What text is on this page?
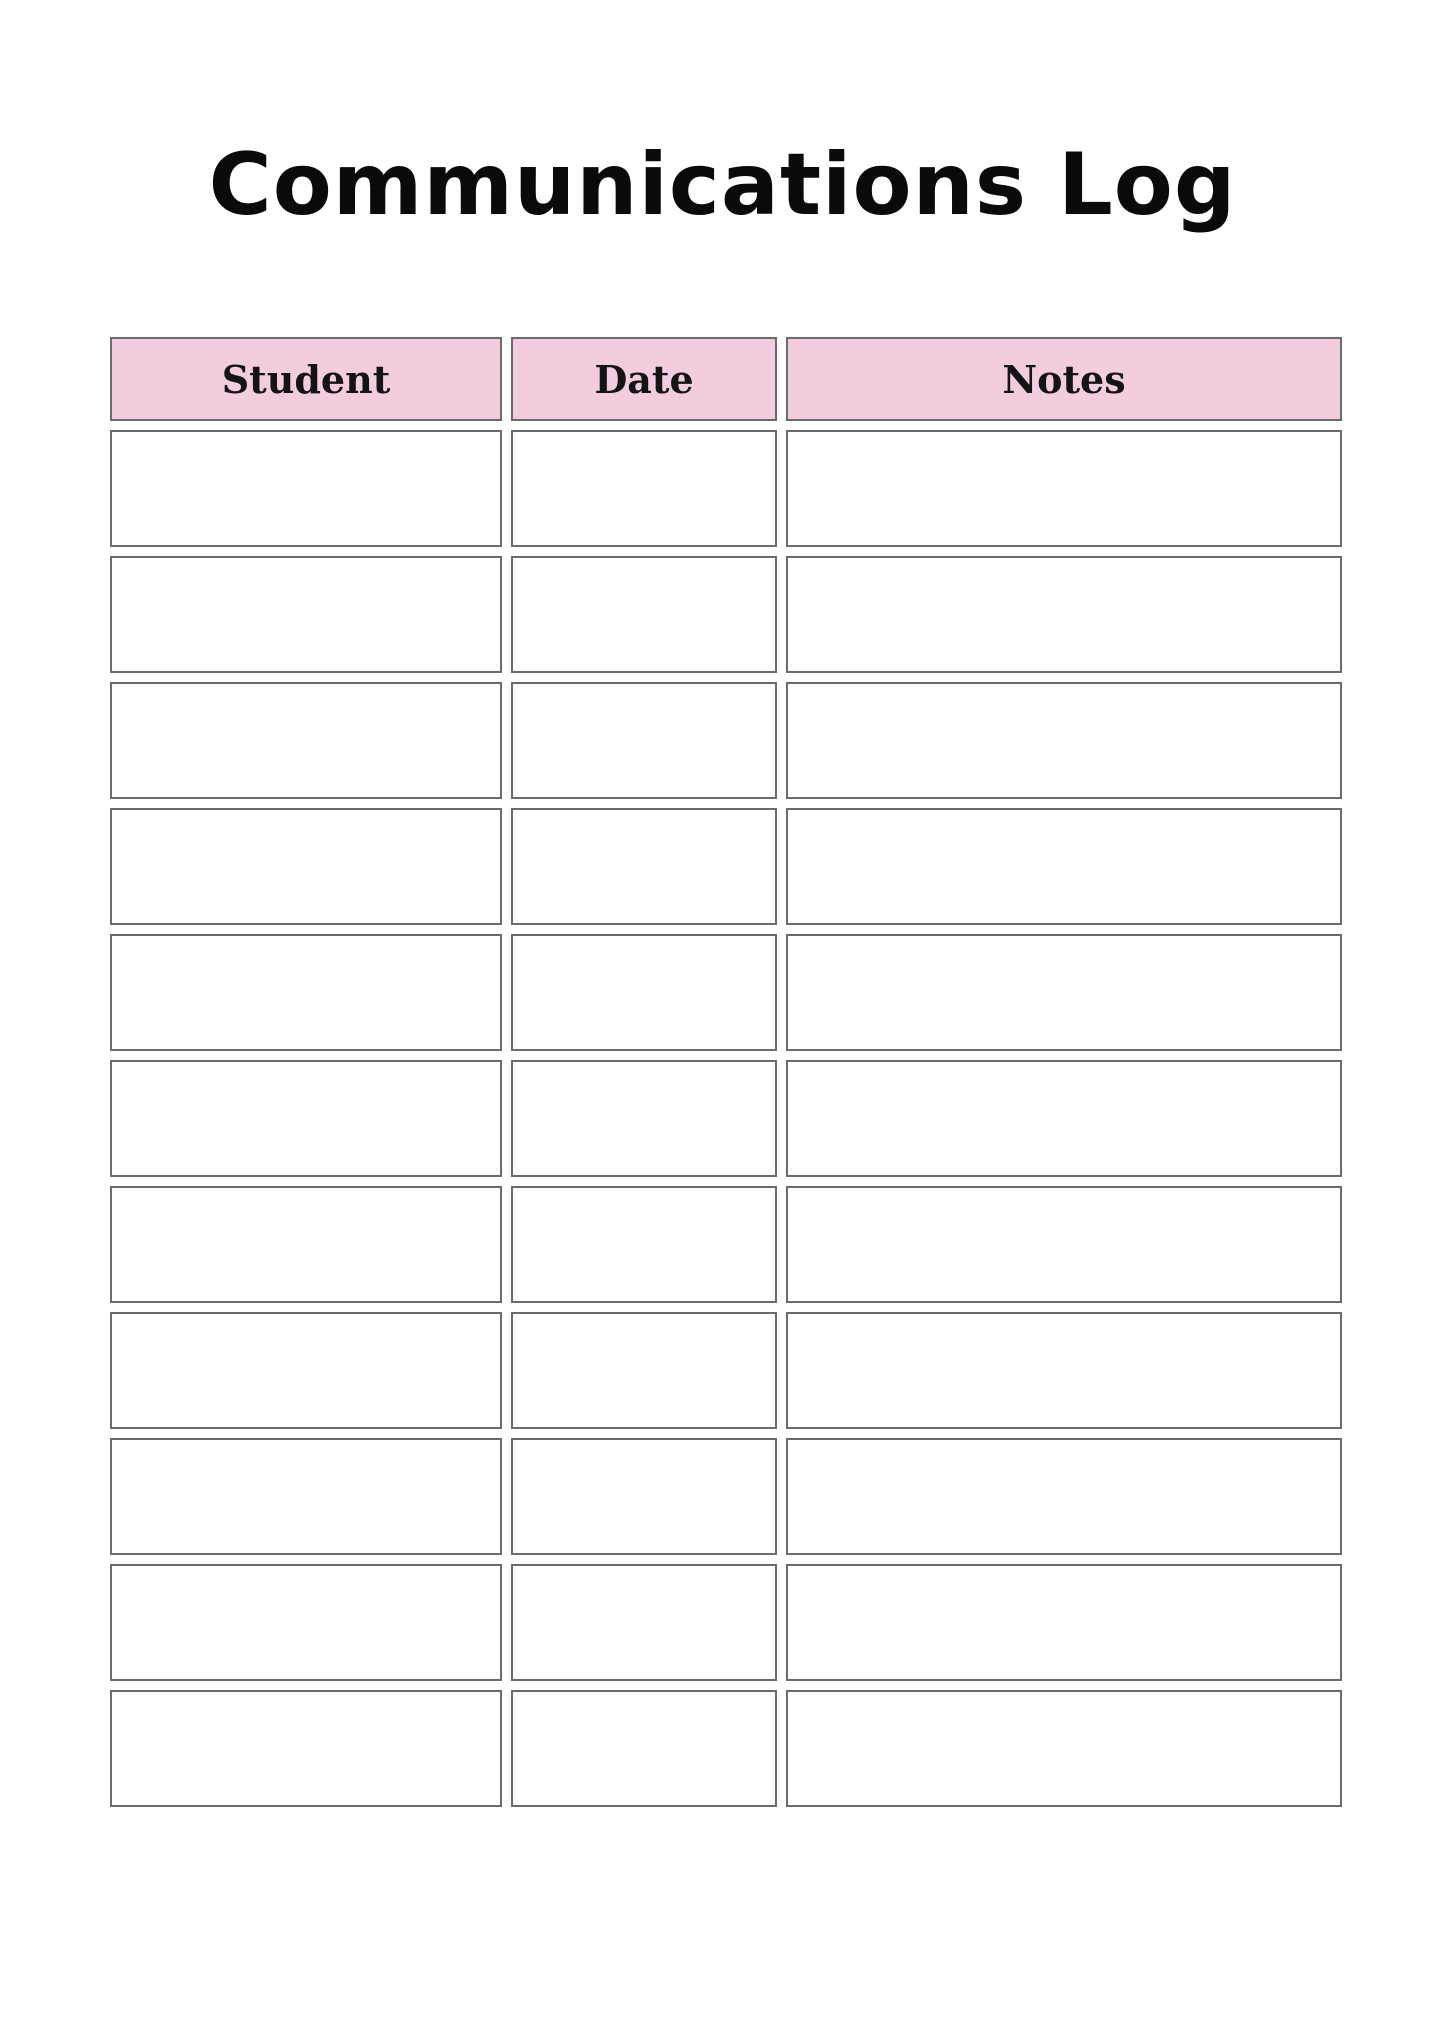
Communications Log
Student	Date	Notes
